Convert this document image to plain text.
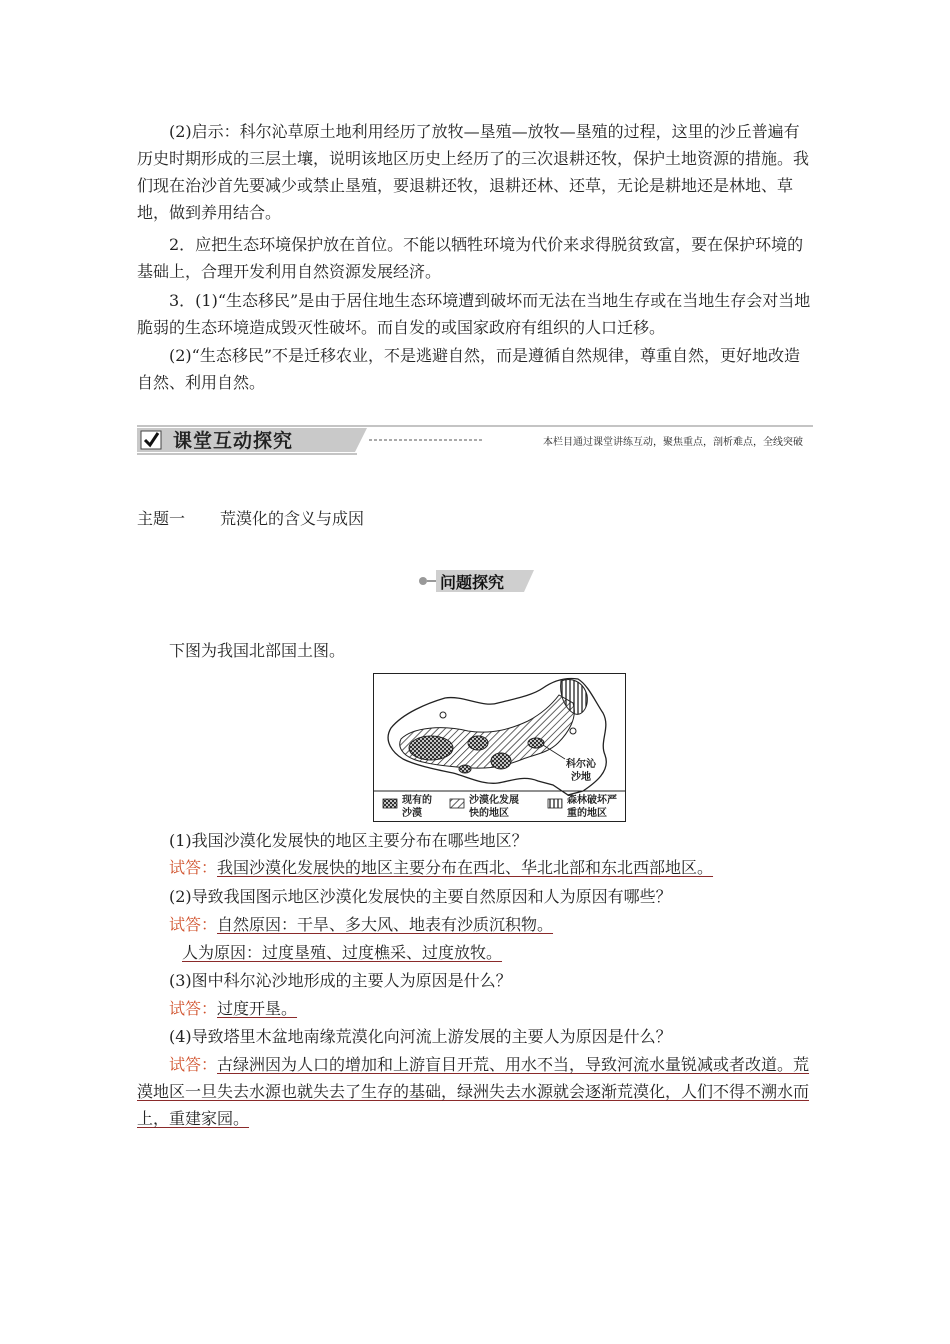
(2)启示：科尔沁草原土地利用经历了放牧—垦殖—放牧—垦殖的过程，这里的沙丘普遍有历史时期形成的三层土壤，说明该地区历史上经历了的三次退耕还牧，保护土地资源的措施。我们现在治沙首先要减少或禁止垦殖，要退耕还牧，退耕还林、还草，无论是耕地还是林地、草地，做到养用结合。
2．应把生态环境保护放在首位。不能以牺牲环境为代价来求得脱贫致富，要在保护环境的基础上，合理开发利用自然资源发展经济。
3．(1)“生态移民”是由于居住地生态环境遭到破坏而无法在当地生存或在当地生存会对当地脆弱的生态环境造成毁灭性破坏。而自发的或国家政府有组织的人口迁移。
(2)“生态移民”不是迁移农业，不是逃避自然，而是遵循自然规律，尊重自然，更好地改造自然、利用自然。
课堂互动探究	本栏目通过课堂讲练互动，聚焦重点，剖析难点，全线突破
主题一 荒漠化的含义与成因
问题探究
下图为我国北部国土图。
科尔沁
沙地
现有的
沙漠
沙漠化发展
快的地区
森林破坏严
重的地区
(1)我国沙漠化发展快的地区主要分布在哪些地区？
试答：我国沙漠化发展快的地区主要分布在西北、华北北部和东北西部地区。
(2)导致我国图示地区沙漠化发展快的主要自然原因和人为原因有哪些？
试答：自然原因：干旱、多大风、地表有沙质沉积物。
人为原因：过度垦殖、过度樵采、过度放牧。
(3)图中科尔沁沙地形成的主要人为原因是什么？
试答：过度开垦。
(4)导致塔里木盆地南缘荒漠化向河流上游发展的主要人为原因是什么？
试答：古绿洲因为人口的增加和上游盲目开荒、用水不当，导致河流水量锐减或者改道。荒漠地区一旦失去水源也就失去了生存的基础，绿洲失去水源就会逐渐荒漠化，人们不得不溯水而上，重建家园。
